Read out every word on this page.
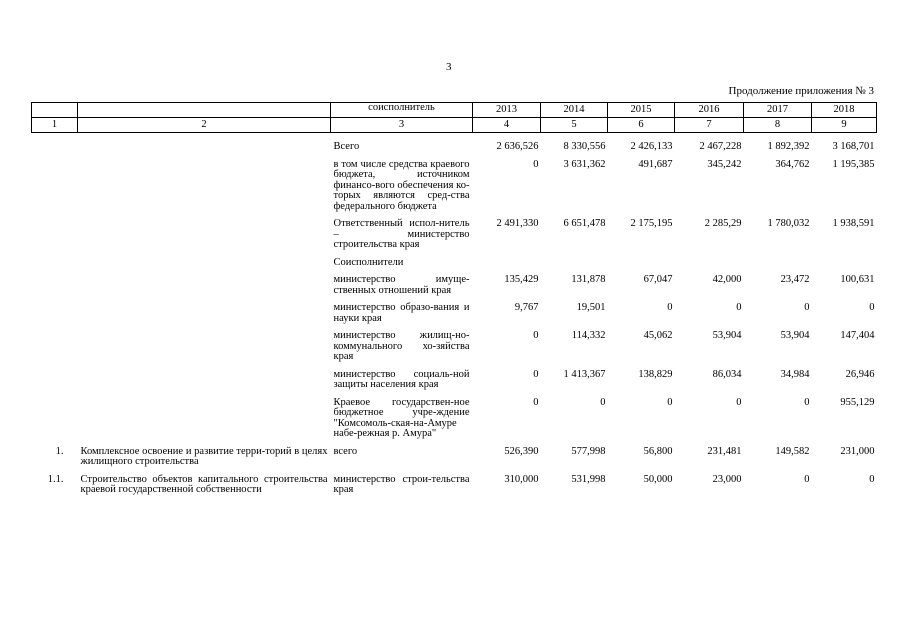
3
Продолжение приложения № 3
		соисполнитель	2013	2014	2015	2016	2017	2018
1	2	3	4	5	6	7	8	9
		Всего	2 636,526	8 330,556	2 426,133	2 467,228	1 892,392	3 168,701
		в том числе средства краевого бюджета, источником финансо-вого обеспечения ко-торых являются сред-ства федерального бюджета	0	3 631,362	491,687	345,242	364,762	1 195,385
		Ответственный испол-нитель – министерство строительства края	2 491,330	6 651,478	2 175,195	2 285,29	1 780,032	1 938,591
		Соисполнители						
		министерство имуще-ственных отношений края	135,429	131,878	67,047	42,000	23,472	100,631
		министерство образо-вания и науки края	9,767	19,501	0	0	0	0
		министерство жилищ-но-коммунального хо-зяйства края	0	114,332	45,062	53,904	53,904	147,404
		министерство социаль-ной защиты населения края	0	1 413,367	138,829	86,034	34,984	26,946
		Краевое государствен-ное бюджетное учре-ждение "Комсомоль-ская-на-Амуре набе-режная р. Амура"	0	0	0	0	0	955,129
1.	Комплексное освоение и развитие терри-торий в целях жилищного строительства	всего	526,390	577,998	56,800	231,481	149,582	231,000
1.1.	Строительство объектов капитального строительства краевой государственной собственности	министерство строи-тельства края	310,000	531,998	50,000	23,000	0	0
